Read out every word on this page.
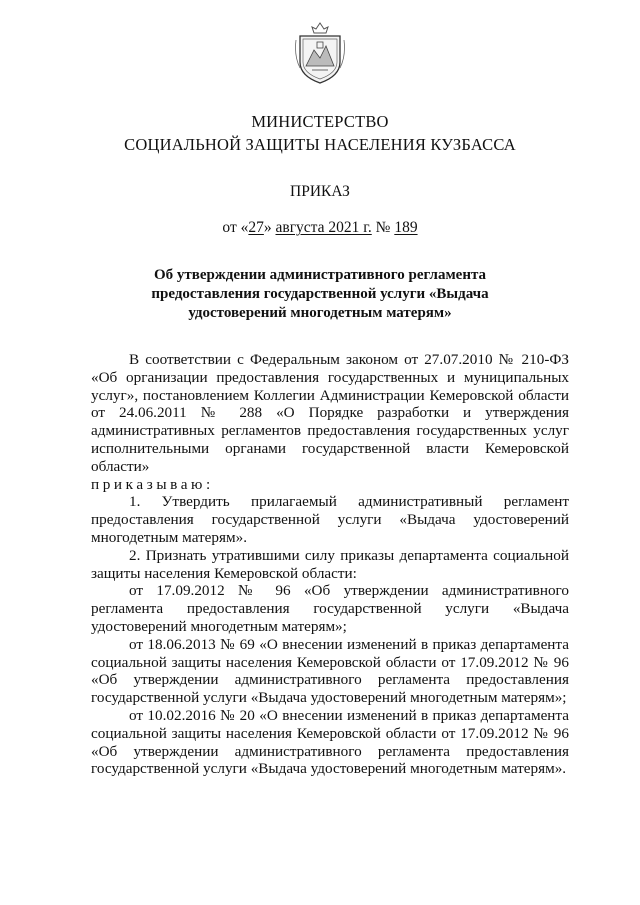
МИНИСТЕРСТВО
СОЦИАЛЬНОЙ ЗАЩИТЫ НАСЕЛЕНИЯ КУЗБАССА
ПРИКАЗ
от «27» августа 2021 г. № 189
Об утверждении административного регламента
предоставления государственной услуги «Выдача
удостоверений многодетным матерям»

В соответствии с Федеральным законом от 27.07.2010 № 210-ФЗ «Об организации предоставления государственных и муниципальных услуг», постановлением Коллегии Администрации Кемеровской области от 24.06.2011 № 288 «О Порядке разработки и утверждения административных регламентов предоставления государственных услуг исполнительными органами государственной власти Кемеровской области»

приказываю:

1. Утвердить прилагаемый административный регламент предоставления государственной услуги «Выдача удостоверений многодетным матерям».

2. Признать утратившими силу приказы департамента социальной защиты населения Кемеровской области:

от 17.09.2012 № 96 «Об утверждении административного регламента предоставления государственной услуги «Выдача удостоверений многодетным матерям»;

от 18.06.2013 № 69 «О внесении изменений в приказ департамента социальной защиты населения Кемеровской области от 17.09.2012 № 96 «Об утверждении административного регламента предоставления государственной услуги «Выдача удостоверений многодетным матерям»;

от 10.02.2016 № 20 «О внесении изменений в приказ департамента социальной защиты населения Кемеровской области от 17.09.2012 № 96 «Об утверждении административного регламента предоставления государственной услуги «Выдача удостоверений многодетным матерям».
